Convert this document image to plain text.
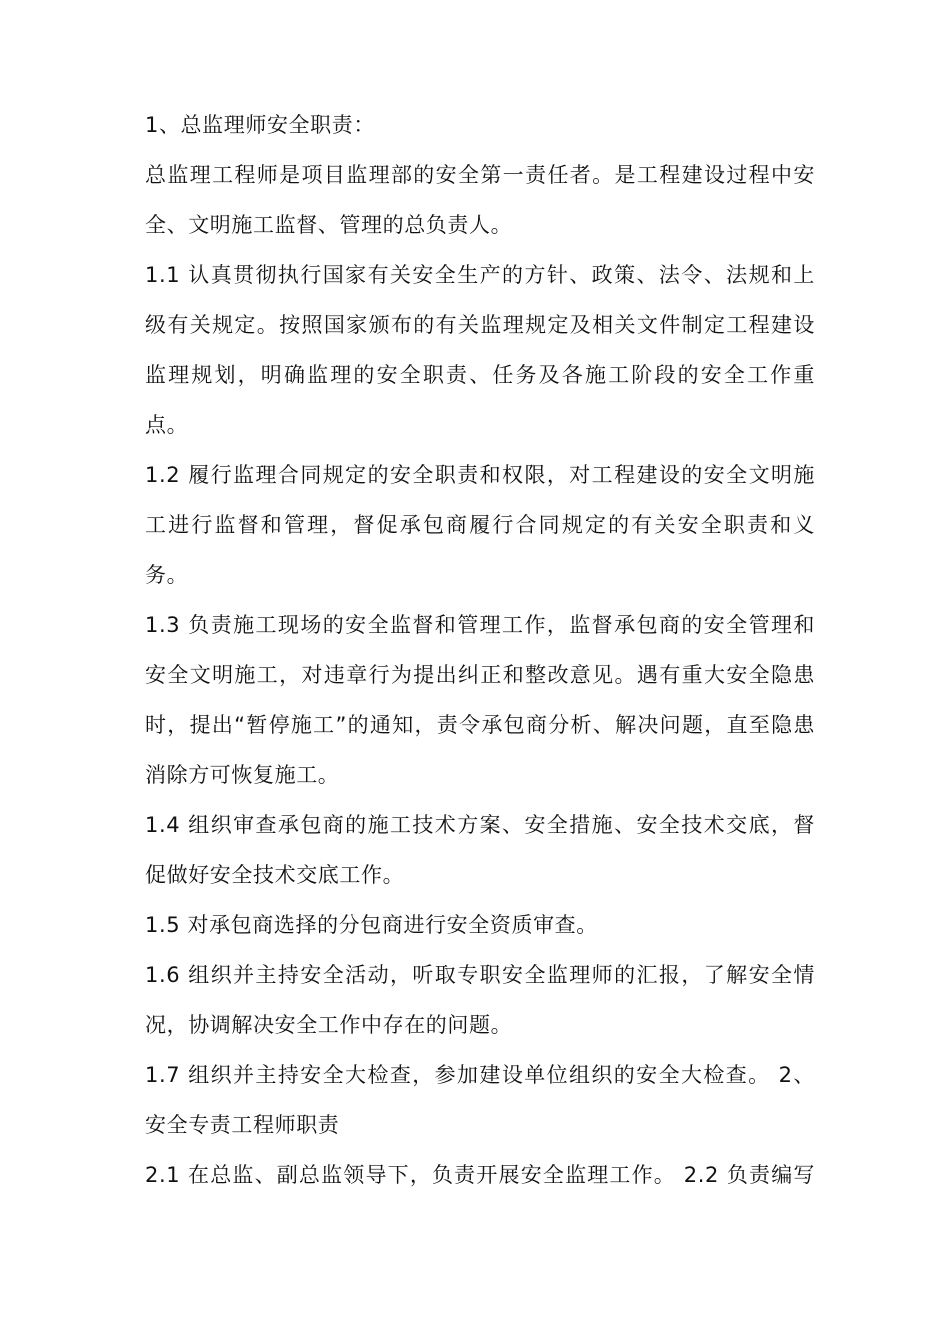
1、总监理师安全职责：
总监理工程师是项目监理部的安全第一责任者。是工程建设过程中安
全、文明施工监督、管理的总负责人。
1.1 认真贯彻执行国家有关安全生产的方针、政策、法令、法规和上
级有关规定。按照国家颁布的有关监理规定及相关文件制定工程建设
监理规划，明确监理的安全职责、任务及各施工阶段的安全工作重
点。
1.2 履行监理合同规定的安全职责和权限，对工程建设的安全文明施
工进行监督和管理，督促承包商履行合同规定的有关安全职责和义
务。
1.3 负责施工现场的安全监督和管理工作，监督承包商的安全管理和
安全文明施工，对违章行为提出纠正和整改意见。遇有重大安全隐患
时，提出“暂停施工”的通知，责令承包商分析、解决问题，直至隐患
消除方可恢复施工。
1.4 组织审查承包商的施工技术方案、安全措施、安全技术交底，督
促做好安全技术交底工作。
1.5 对承包商选择的分包商进行安全资质审查。
1.6 组织并主持安全活动，听取专职安全监理师的汇报，了解安全情
况，协调解决安全工作中存在的问题。
1.7 组织并主持安全大检查，参加建设单位组织的安全大检查。 2、
安全专责工程师职责
2.1 在总监、副总监领导下，负责开展安全监理工作。 2.2 负责编写
